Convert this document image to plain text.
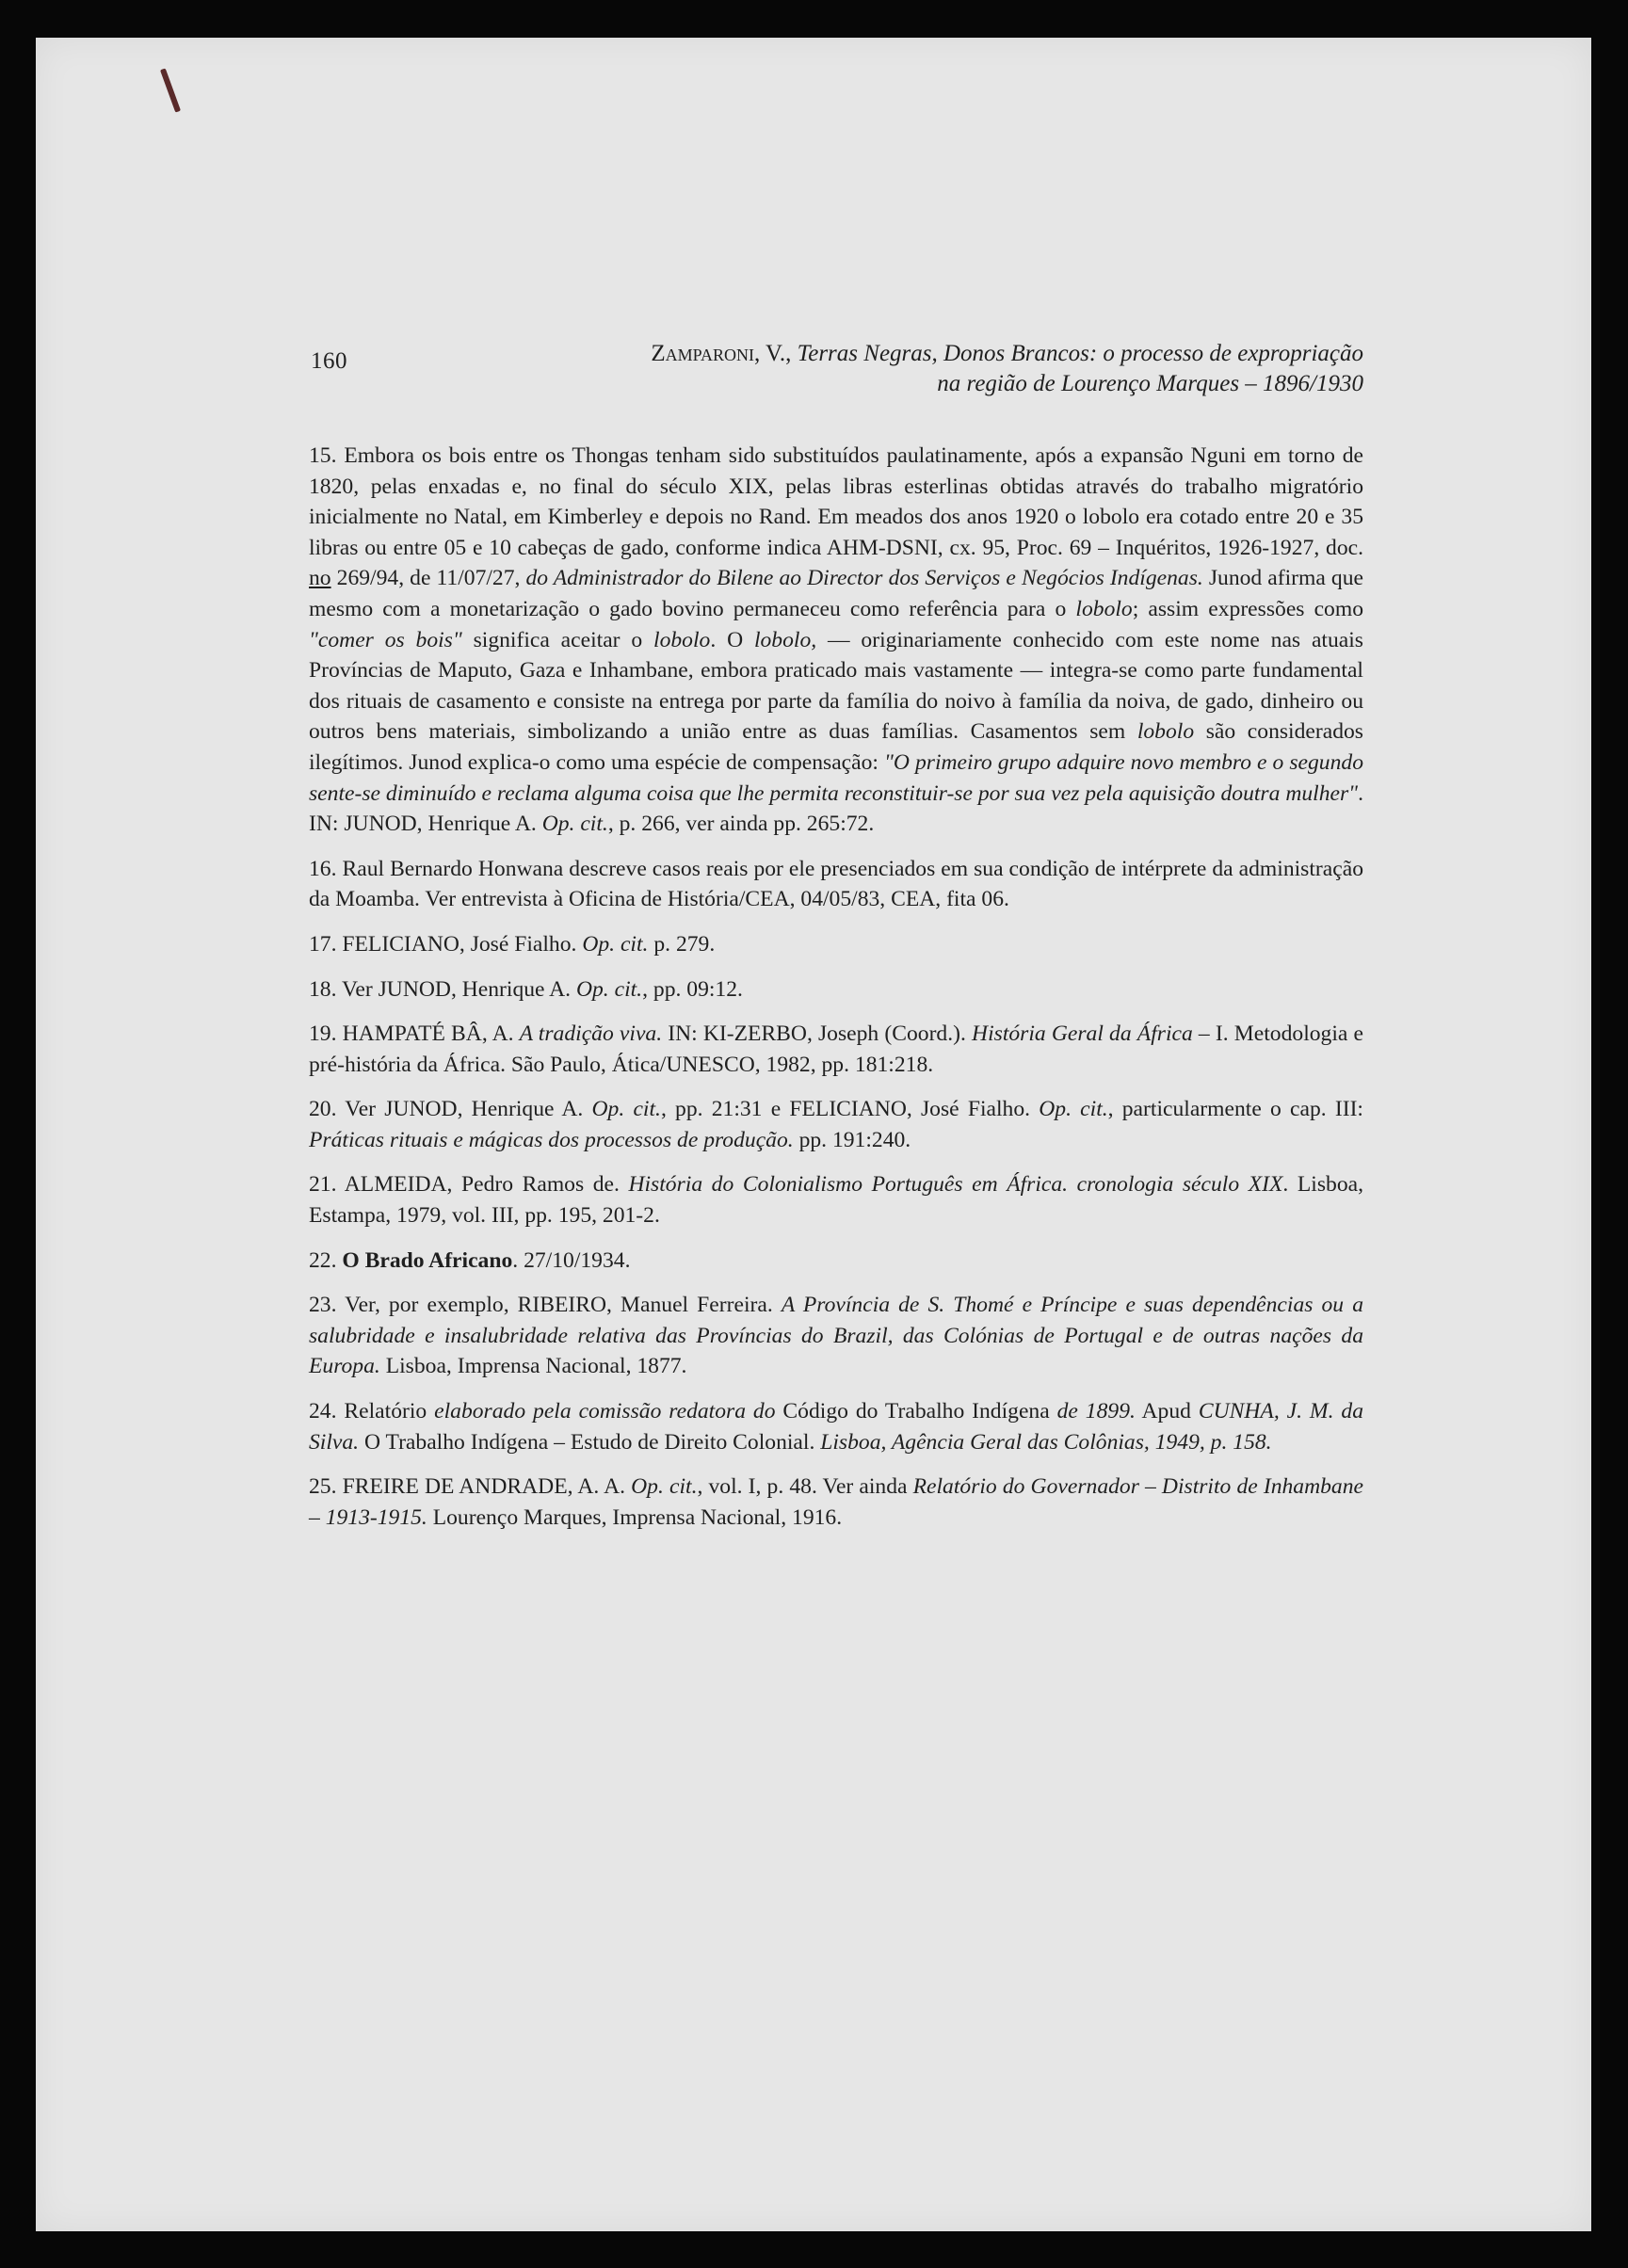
160	Zamparoni, V., Terras Negras, Donos Brancos: o processo de expropriação
na região de Lourenço Marques – 1896/1930

15. Embora os bois entre os Thongas tenham sido substituídos paulatinamente, após a expansão Nguni em torno de 1820, pelas enxadas e, no final do século XIX, pelas libras esterlinas obtidas através do trabalho migratório inicialmente no Natal, em Kimberley e depois no Rand. Em meados dos anos 1920 o lobolo era cotado entre 20 e 35 libras ou entre 05 e 10 cabeças de gado, conforme indica AHM-DSNI, cx. 95, Proc. 69 – Inquéritos, 1926-1927, doc. no 269/94, de 11/07/27, do Administrador do Bilene ao Director dos Serviços e Negócios Indígenas. Junod afirma que mesmo com a monetarização o gado bovino permaneceu como referência para o lobolo; assim expressões como "comer os bois" significa aceitar o lobolo. O lobolo, — originariamente conhecido com este nome nas atuais Províncias de Maputo, Gaza e Inhambane, embora praticado mais vastamente — integra-se como parte fundamental dos rituais de casamento e consiste na entrega por parte da família do noivo à família da noiva, de gado, dinheiro ou outros bens materiais, simbolizando a união entre as duas famílias. Casamentos sem lobolo são considerados ilegítimos. Junod explica-o como uma espécie de compensação: "O primeiro grupo adquire novo membro e o segundo sente-se diminuído e reclama alguma coisa que lhe permita reconstituir-se por sua vez pela aquisição doutra mulher". IN: JUNOD, Henrique A. Op. cit., p. 266, ver ainda pp. 265:72.

16. Raul Bernardo Honwana descreve casos reais por ele presenciados em sua condição de intérprete da administração da Moamba. Ver entrevista à Oficina de História/CEA, 04/05/83, CEA, fita 06.

17. FELICIANO, José Fialho. Op. cit. p. 279.

18. Ver JUNOD, Henrique A. Op. cit., pp. 09:12.

19. HAMPATÉ BÂ, A. A tradição viva. IN: KI-ZERBO, Joseph (Coord.). História Geral da África – I. Metodologia e pré-história da África. São Paulo, Ática/UNESCO, 1982, pp. 181:218.

20. Ver JUNOD, Henrique A. Op. cit., pp. 21:31 e FELICIANO, José Fialho. Op. cit., particularmente o cap. III: Práticas rituais e mágicas dos processos de produção. pp. 191:240.

21. ALMEIDA, Pedro Ramos de. História do Colonialismo Português em África. cronologia século XIX. Lisboa, Estampa, 1979, vol. III, pp. 195, 201-2.

22. O Brado Africano. 27/10/1934.

23. Ver, por exemplo, RIBEIRO, Manuel Ferreira. A Província de S. Thomé e Príncipe e suas dependências ou a salubridade e insalubridade relativa das Províncias do Brazil, das Colónias de Portugal e de outras nações da Europa. Lisboa, Imprensa Nacional, 1877.

24. Relatório elaborado pela comissão redatora do Código do Trabalho Indígena de 1899. Apud CUNHA, J. M. da Silva. O Trabalho Indígena – Estudo de Direito Colonial. Lisboa, Agência Geral das Colônias, 1949, p. 158.

25. FREIRE DE ANDRADE, A. A. Op. cit., vol. I, p. 48. Ver ainda Relatório do Governador – Distrito de Inhambane – 1913-1915. Lourenço Marques, Imprensa Nacional, 1916.
